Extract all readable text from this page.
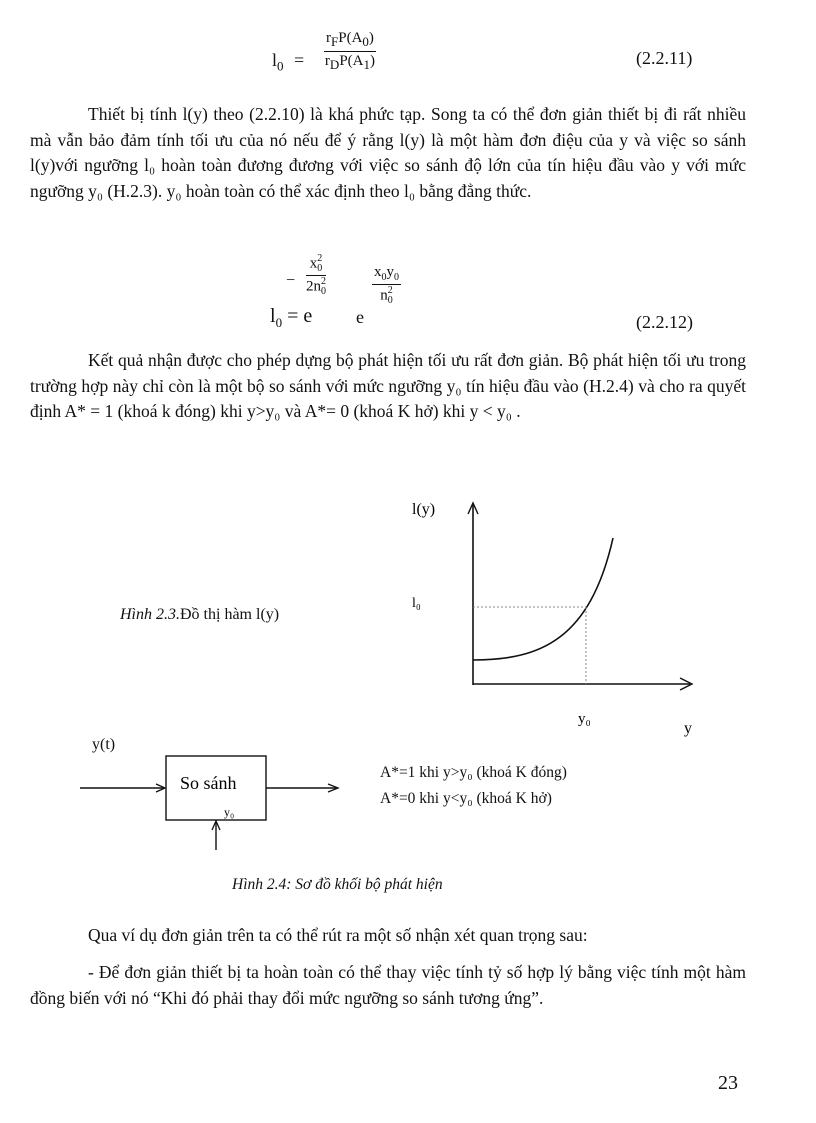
$l_0$ =
$r_FP(A_0)$
$r_DP(A_1)$	(2.2.11)
Thiết bị tính l(y) theo (2.2.10) là khá phức tạp. Song ta có thể đơn giản thiết bị đi rất nhiều mà vẫn bảo đảm tính tối ưu của nó nếu để ý rằng l(y) là một hàm đơn điệu của y và việc so sánh l(y)với ngưỡng l₀ hoàn toàn đương đương với việc so sánh độ lớn của tín hiệu đầu vào y với mức ngưỡng y₀ (H.2.3). y₀ hoàn toàn có thể xác định theo l₀ bằng đẳng thức.
$l_0 = e$
− x 2
0
2n 2
0
e
$x_0y_0$
n 2
0
(2.2.12)
Kết quả nhận được cho phép dựng bộ phát hiện tối ưu rất đơn giản. Bộ phát hiện tối ưu trong trường hợp này chỉ còn là một bộ so sánh với mức ngưỡng y₀ tín hiệu đầu vào (H.2.4) và cho ra quyết định A* = 1 (khoá k đóng) khi y>y₀ và A*= 0 (khoá K hở) khi y < y₀ .
Hình 2.3.Đồ thị hàm l(y)
l(y)
l₀
y₀
y
y(t)
So sánh
y₀
A*=1 khi y>y₀ (khoá K đóng)
A*=0 khi y<y₀ (khoá K hở)
Hình 2.4: Sơ đồ khối bộ phát hiện
Qua ví dụ đơn giản trên ta có thể rút ra một số nhận xét quan trọng sau:
- Để đơn giản thiết bị ta hoàn toàn có thể thay việc tính tỷ số hợp lý bằng việc tính một hàm đồng biến với nó “Khi đó phải thay đổi mức ngưỡng so sánh tương ứng”.
23
